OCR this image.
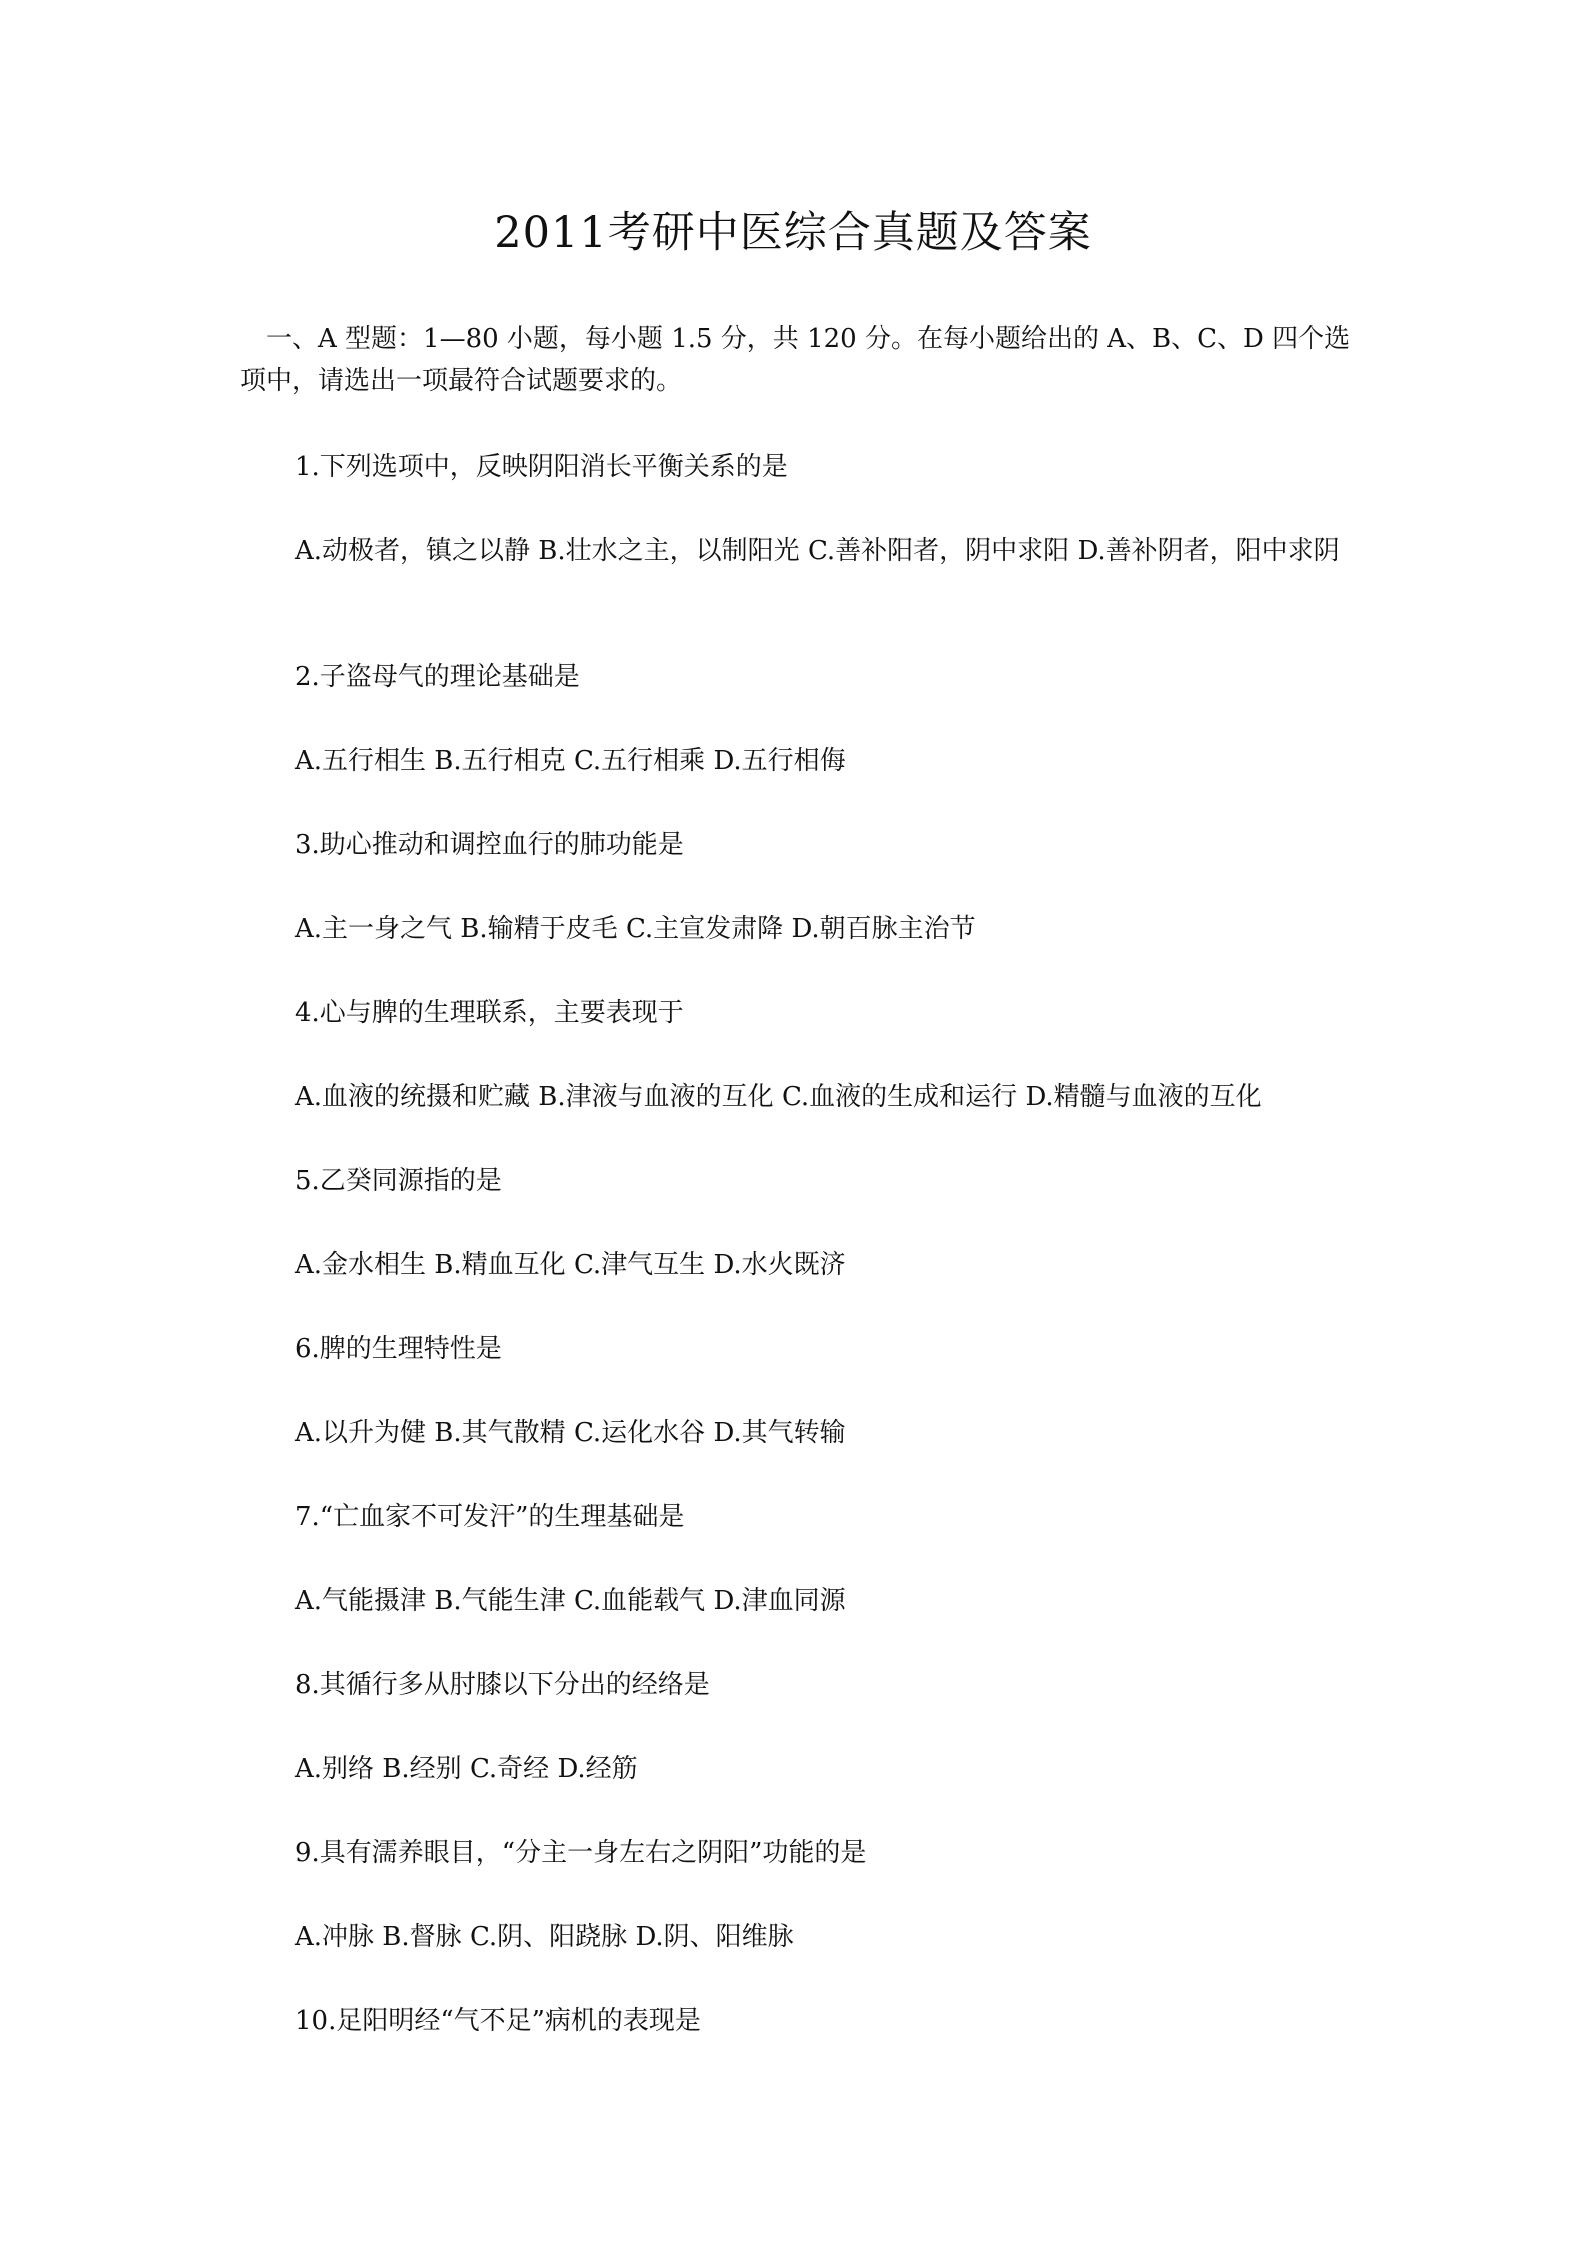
2011考研中医综合真题及答案

一、A 型题：1—80 小题，每小题 1.5 分，共 120 分。在每小题给出的 A、B、C、D 四个选项中，请选出一项最符合试题要求的。

1.下列选项中，反映阴阳消长平衡关系的是

A.动极者，镇之以静 B.壮水之主，以制阳光 C.善补阳者，阴中求阳 D.善补阴者，阳中求阴

2.子盗母气的理论基础是

A.五行相生 B.五行相克 C.五行相乘 D.五行相侮

3.助心推动和调控血行的肺功能是

A.主一身之气 B.输精于皮毛 C.主宣发肃降 D.朝百脉主治节

4.心与脾的生理联系，主要表现于

A.血液的统摄和贮藏 B.津液与血液的互化 C.血液的生成和运行 D.精髓与血液的互化

5.乙癸同源指的是

A.金水相生 B.精血互化 C.津气互生 D.水火既济

6.脾的生理特性是

A.以升为健 B.其气散精 C.运化水谷 D.其气转输

7.“亡血家不可发汗”的生理基础是

A.气能摄津 B.气能生津 C.血能载气 D.津血同源

8.其循行多从肘膝以下分出的经络是

A.别络 B.经别 C.奇经 D.经筋

9.具有濡养眼目，“分主一身左右之阴阳”功能的是

A.冲脉 B.督脉 C.阴、阳跷脉 D.阴、阳维脉

10.足阳明经“气不足”病机的表现是
